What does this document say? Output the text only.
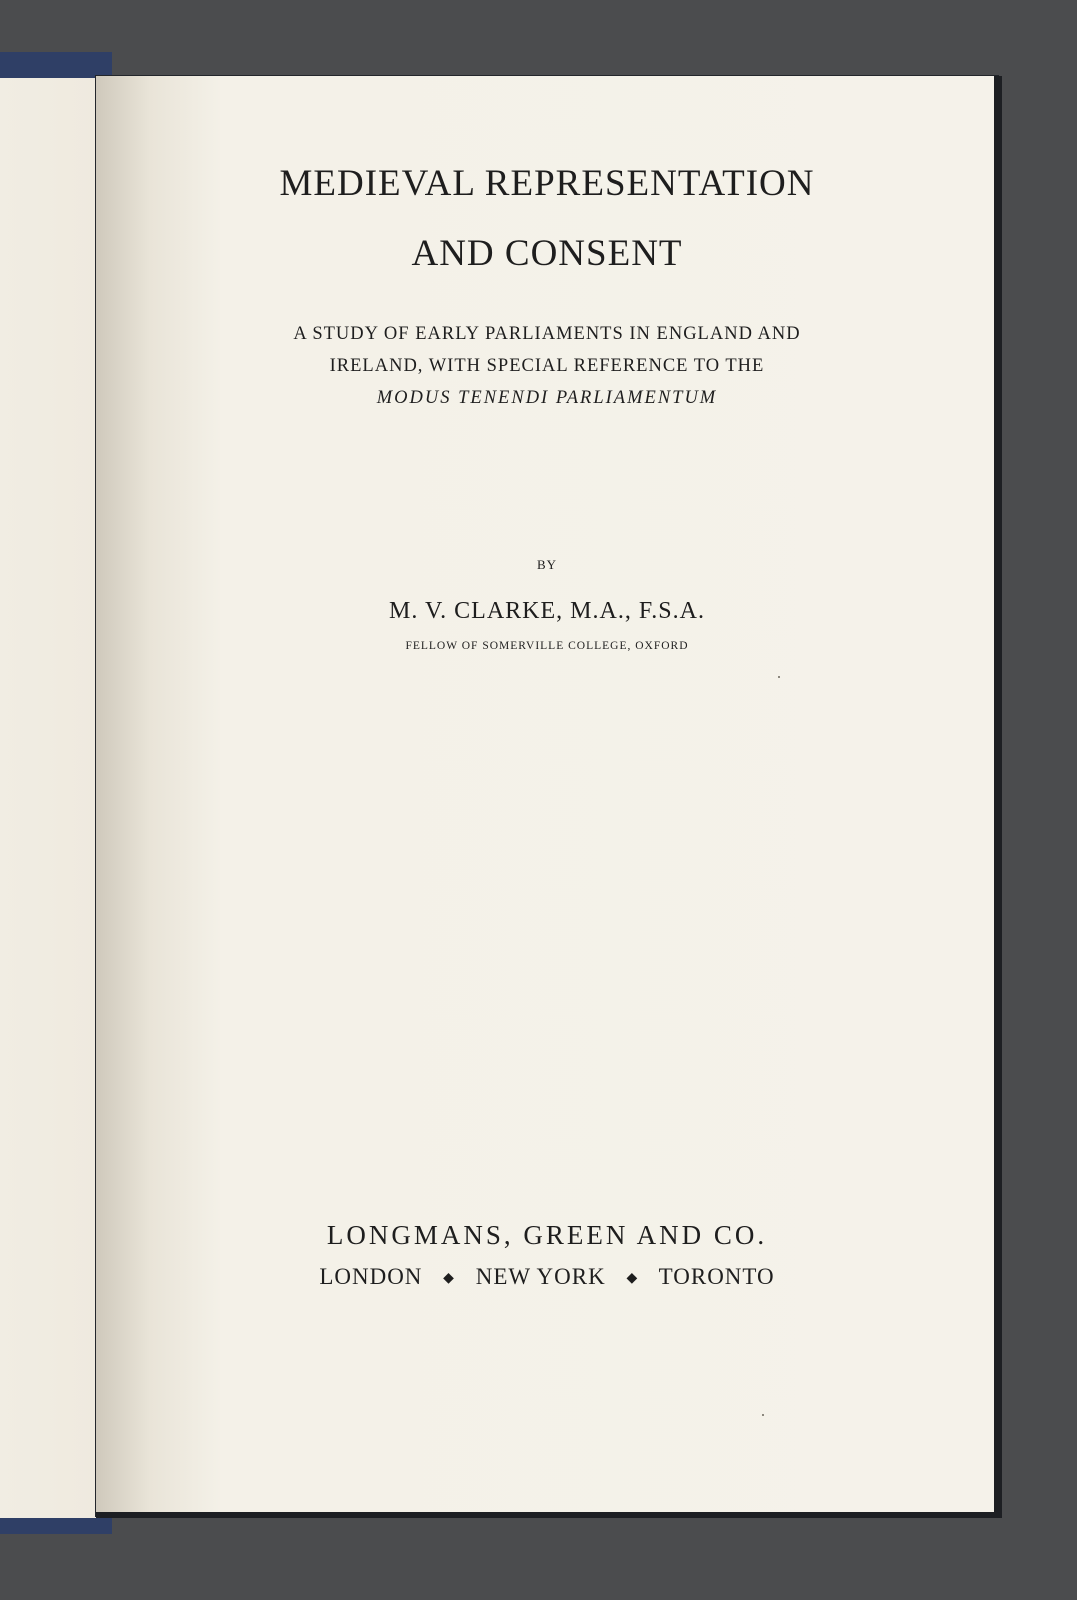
MEDIEVAL REPRESENTATION
AND CONSENT
A STUDY OF EARLY PARLIAMENTS IN ENGLAND AND
IRELAND, WITH SPECIAL REFERENCE TO THE
MODUS TENENDI PARLIAMENTUM
BY
M. V. CLARKE, M.A., F.S.A.
FELLOW OF SOMERVILLE COLLEGE, OXFORD
LONGMANS, GREEN AND CO.
LONDON ◆ NEW YORK ◆ TORONTO
